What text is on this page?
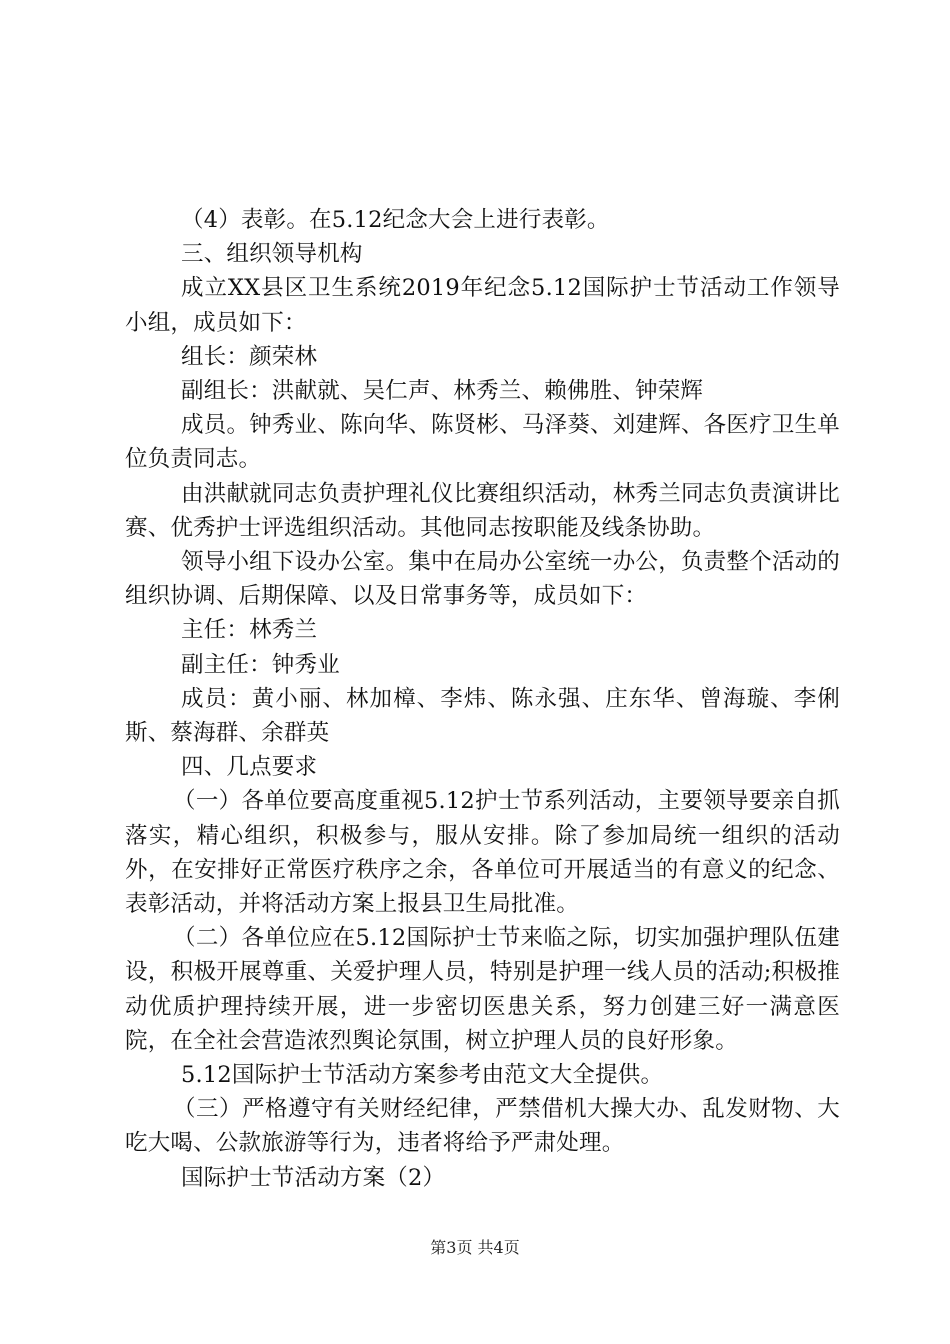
（4）表彰。在5.12纪念大会上进行表彰。

三、组织领导机构

成立XX县区卫生系统2019年纪念5.12国际护士节活动工作领导小组，成员如下：

组长：颜荣林

副组长：洪献就、吴仁声、林秀兰、赖佛胜、钟荣辉

成员。钟秀业、陈向华、陈贤彬、马泽葵、刘建辉、各医疗卫生单位负责同志。

由洪献就同志负责护理礼仪比赛组织活动，林秀兰同志负责演讲比赛、优秀护士评选组织活动。其他同志按职能及线条协助。

领导小组下设办公室。集中在局办公室统一办公，负责整个活动的组织协调、后期保障、以及日常事务等，成员如下：

主任：林秀兰

副主任：钟秀业

成员：黄小丽、林加樟、李炜、陈永强、庄东华、曾海璇、李俐斯、蔡海群、余群英

四、几点要求

（一）各单位要高度重视5.12护士节系列活动，主要领导要亲自抓落实，精心组织，积极参与，服从安排。除了参加局统一组织的活动外，在安排好正常医疗秩序之余，各单位可开展适当的有意义的纪念、表彰活动，并将活动方案上报县卫生局批准。

（二）各单位应在5.12国际护士节来临之际，切实加强护理队伍建设，积极开展尊重、关爱护理人员，特别是护理一线人员的活动;积极推动优质护理持续开展，进一步密切医患关系，努力创建三好一满意医院，在全社会营造浓烈舆论氛围，树立护理人员的良好形象。

5.12国际护士节活动方案参考由范文大全提供。

（三）严格遵守有关财经纪律，严禁借机大操大办、乱发财物、大吃大喝、公款旅游等行为，违者将给予严肃处理。

国际护士节活动方案（2）

第3页 共4页
